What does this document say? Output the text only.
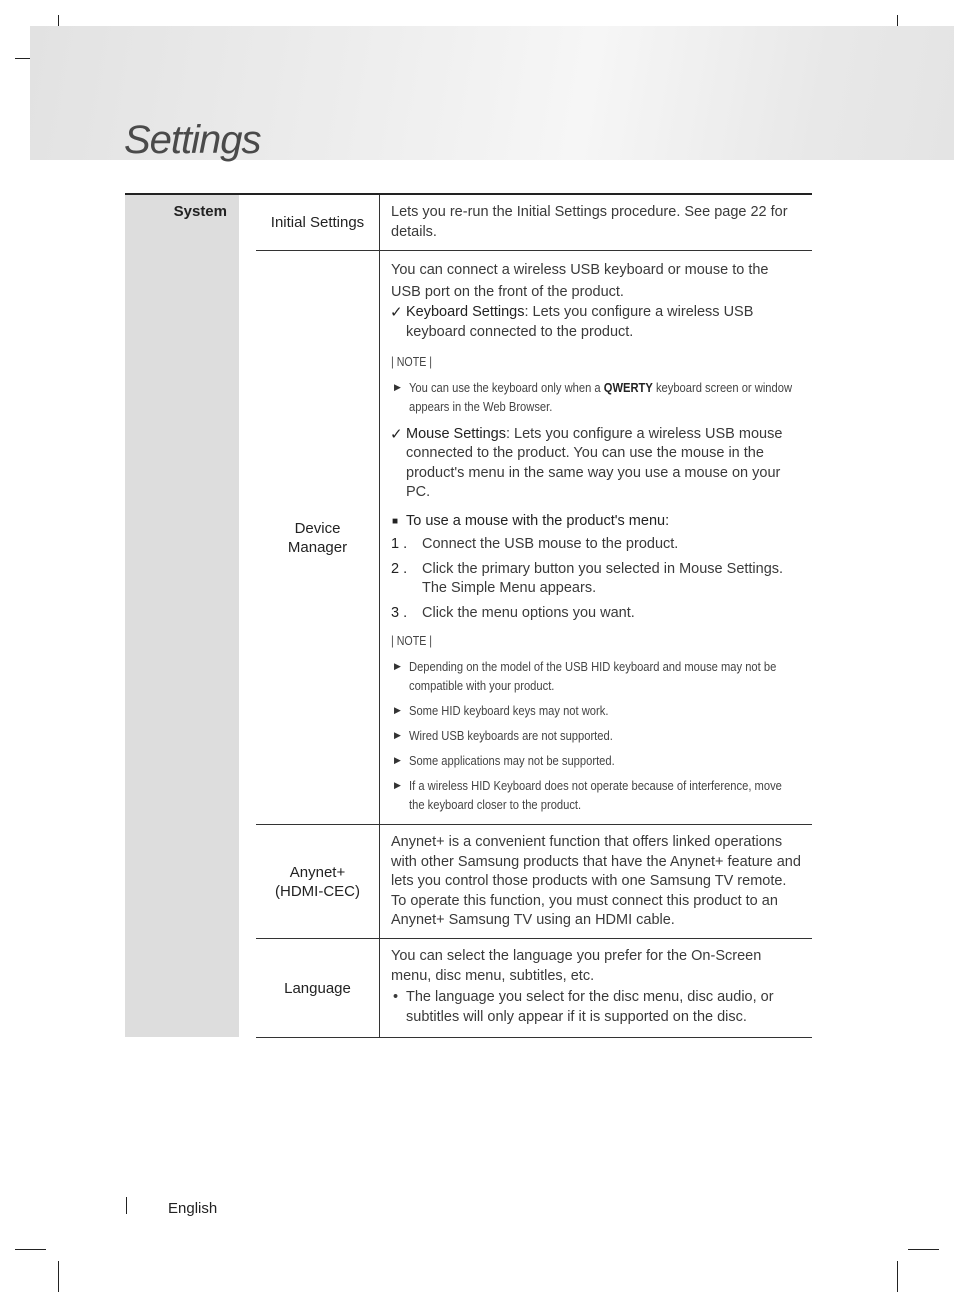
Settings
System
Initial Settings

Lets you re-run the Initial Settings procedure. See page 22 for details.

Device Manager

You can connect a wireless USB keyboard or mouse to the USB port on the front of the product.

✓ Keyboard Settings: Lets you configure a wireless USB keyboard connected to the product.
| NOTE |
▶ You can use the keyboard only when a QWERTY keyboard screen or window appears in the Web Browser.
✓ Mouse Settings: Lets you configure a wireless USB mouse connected to the product. You can use the mouse in the product's menu in the same way you use a mouse on your PC.
■ To use a mouse with the product's menu:
1 . Connect the USB mouse to the product.
2 . Click the primary button you selected in Mouse Settings. The Simple Menu appears.
3 . Click the menu options you want.
| NOTE |
▶ Depending on the model of the USB HID keyboard and mouse may not be compatible with your product.
▶ Some HID keyboard keys may not work.
▶ Wired USB keyboards are not supported.
▶ Some applications may not be supported.
▶ If a wireless HID Keyboard does not operate because of interference, move the keyboard closer to the product.
Anynet+ (HDMI-CEC)

Anynet+ is a convenient function that offers linked operations with other Samsung products that have the Anynet+ feature and lets you control those products with one Samsung TV remote. To operate this function, you must connect this product to an Anynet+ Samsung TV using an HDMI cable.

Language

You can select the language you prefer for the On-Screen menu, disc menu, subtitles, etc.

• The language you select for the disc menu, disc audio, or subtitles will only appear if it is supported on the disc.
English
